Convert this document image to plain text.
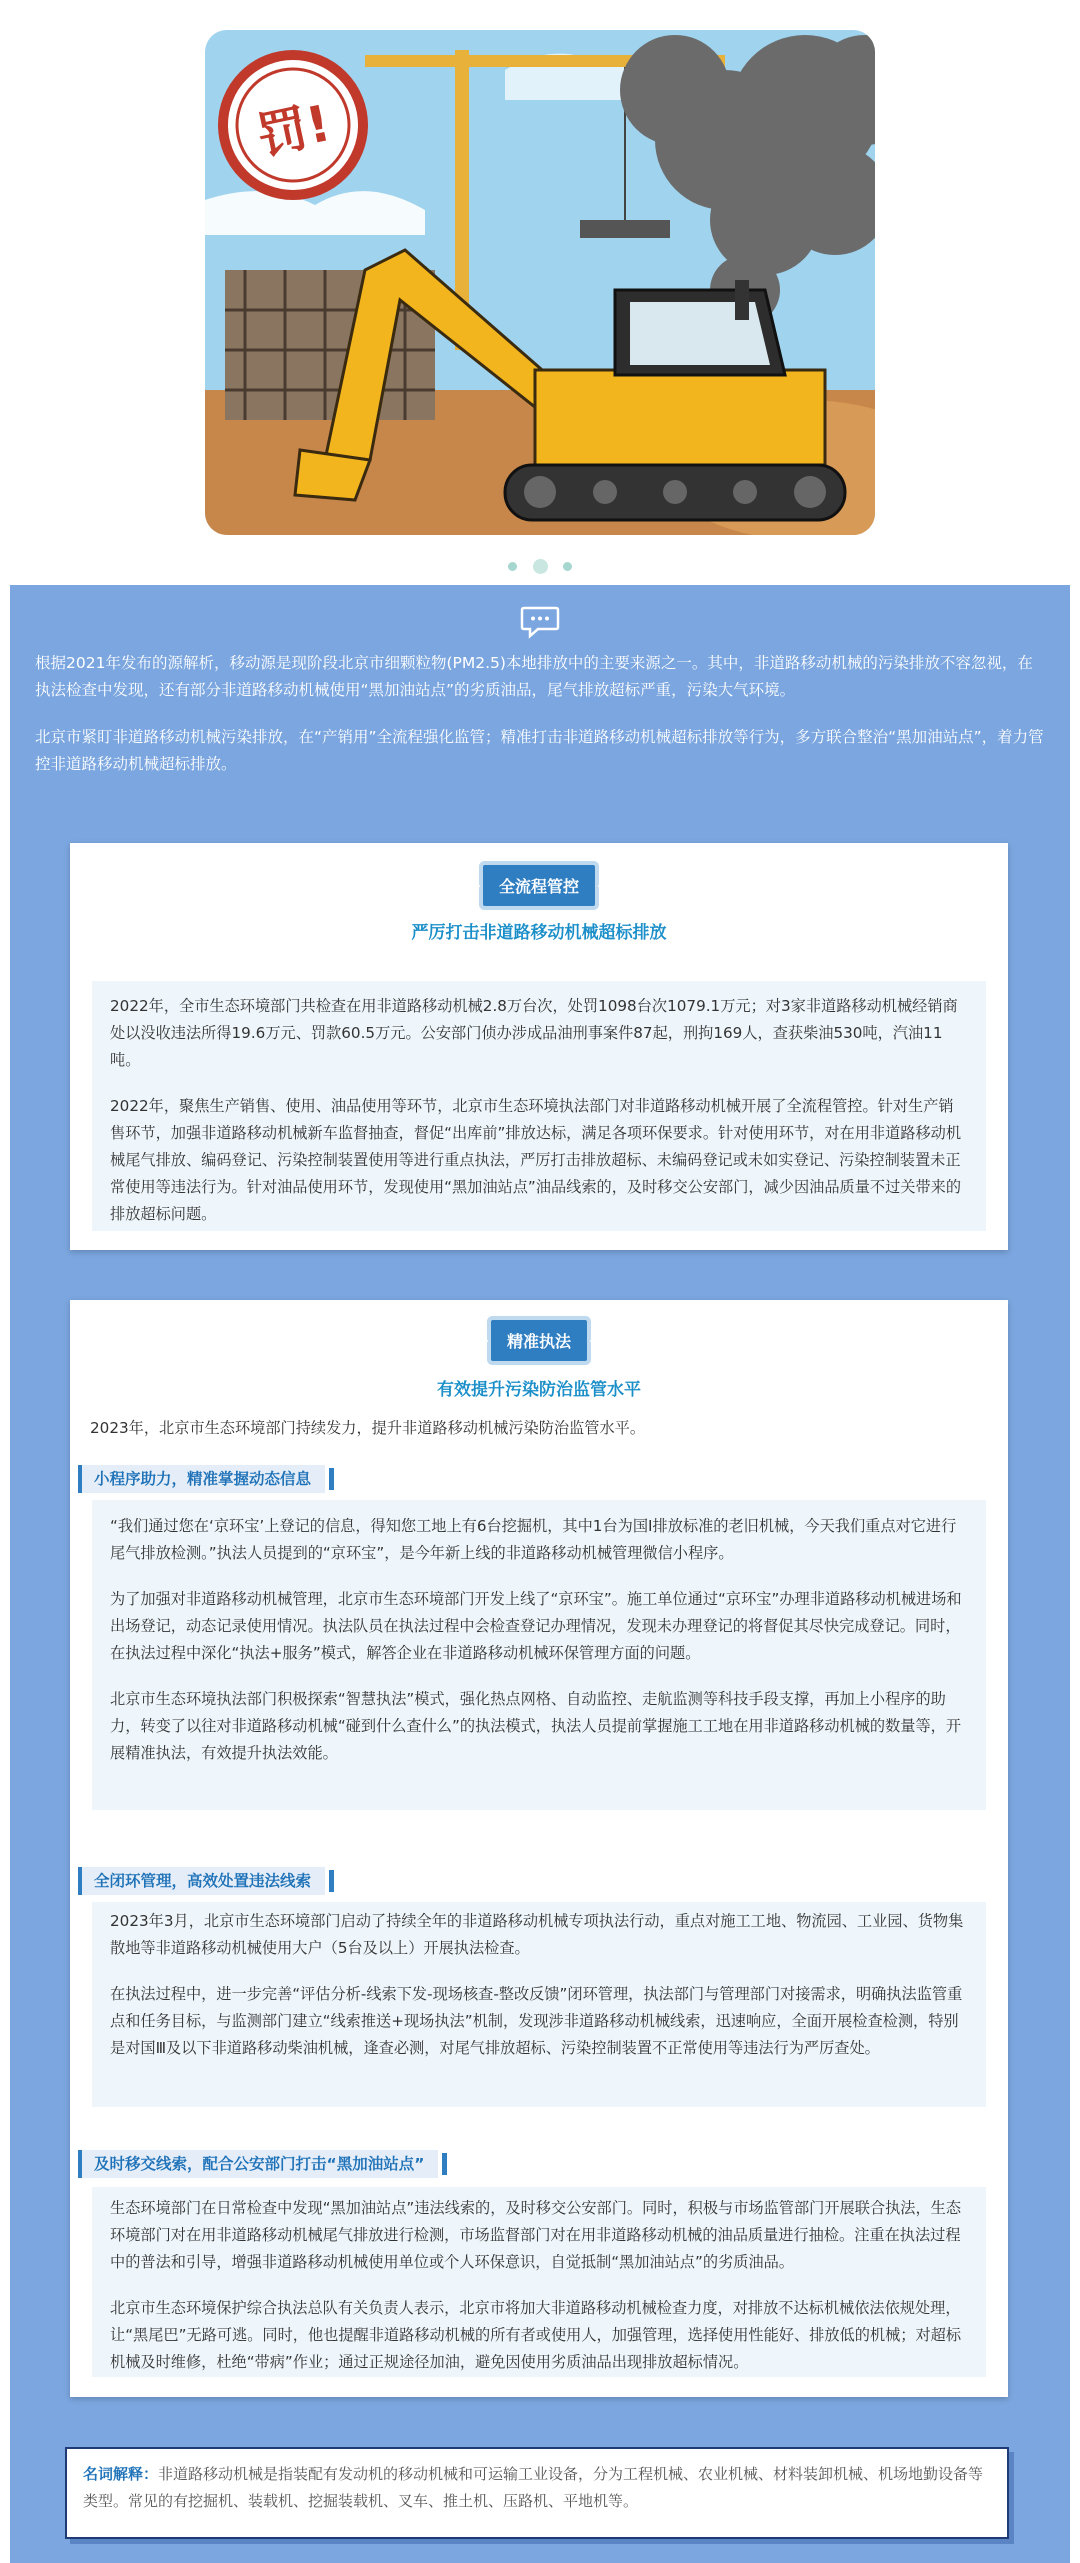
罚!

根据2021年发布的源解析，移动源是现阶段北京市细颗粒物(PM2.5)本地排放中的主要来源之一。其中，非道路移动机械的污染排放不容忽视，在执法检查中发现，还有部分非道路移动机械使用“黑加油站点”的劣质油品，尾气排放超标严重，污染大气环境。

北京市紧盯非道路移动机械污染排放，在“产销用”全流程强化监管；精准打击非道路移动机械超标排放等行为，多方联合整治“黑加油站点”，着力管控非道路移动机械超标排放。

全流程管控
严厉打击非道路移动机械超标排放

2022年，全市生态环境部门共检查在用非道路移动机械2.8万台次，处罚1098台次1079.1万元；对3家非道路移动机械经销商处以没收违法所得19.6万元、罚款60.5万元。公安部门侦办涉成品油刑事案件87起，刑拘169人，查获柴油530吨，汽油11吨。

2022年，聚焦生产销售、使用、油品使用等环节，北京市生态环境执法部门对非道路移动机械开展了全流程管控。针对生产销售环节，加强非道路移动机械新车监督抽查，督促“出库前”排放达标，满足各项环保要求。针对使用环节，对在用非道路移动机械尾气排放、编码登记、污染控制装置使用等进行重点执法，严厉打击排放超标、未编码登记或未如实登记、污染控制装置未正常使用等违法行为。针对油品使用环节，发现使用“黑加油站点”油品线索的，及时移交公安部门，减少因油品质量不过关带来的排放超标问题。

精准执法
有效提升污染防治监管水平
2023年，北京市生态环境部门持续发力，提升非道路移动机械污染防治监管水平。
小程序助力，精准掌握动态信息

“我们通过您在‘京环宝’上登记的信息，得知您工地上有6台挖掘机，其中1台为国Ⅰ排放标准的老旧机械，今天我们重点对它进行尾气排放检测。”执法人员提到的“京环宝”，是今年新上线的非道路移动机械管理微信小程序。

为了加强对非道路移动机械管理，北京市生态环境部门开发上线了“京环宝”。施工单位通过“京环宝”办理非道路移动机械进场和出场登记，动态记录使用情况。执法队员在执法过程中会检查登记办理情况，发现未办理登记的将督促其尽快完成登记。同时，在执法过程中深化“执法+服务”模式，解答企业在非道路移动机械环保管理方面的问题。

北京市生态环境执法部门积极探索“智慧执法”模式，强化热点网格、自动监控、走航监测等科技手段支撑，再加上小程序的助力，转变了以往对非道路移动机械“碰到什么查什么”的执法模式，执法人员提前掌握施工工地在用非道路移动机械的数量等，开展精准执法，有效提升执法效能。

全闭环管理，高效处置违法线索

2023年3月，北京市生态环境部门启动了持续全年的非道路移动机械专项执法行动，重点对施工工地、物流园、工业园、货物集散地等非道路移动机械使用大户（5台及以上）开展执法检查。

在执法过程中，进一步完善“评估分析-线索下发-现场核查-整改反馈”闭环管理，执法部门与管理部门对接需求，明确执法监管重点和任务目标，与监测部门建立“线索推送+现场执法”机制，发现涉非道路移动机械线索，迅速响应，全面开展检查检测，特别是对国Ⅲ及以下非道路移动柴油机械，逢查必测，对尾气排放超标、污染控制装置不正常使用等违法行为严厉查处。

及时移交线索，配合公安部门打击“黑加油站点”

生态环境部门在日常检查中发现“黑加油站点”违法线索的，及时移交公安部门。同时，积极与市场监管部门开展联合执法，生态环境部门对在用非道路移动机械尾气排放进行检测，市场监督部门对在用非道路移动机械的油品质量进行抽检。注重在执法过程中的普法和引导，增强非道路移动机械使用单位或个人环保意识，自觉抵制“黑加油站点”的劣质油品。

北京市生态环境保护综合执法总队有关负责人表示，北京市将加大非道路移动机械检查力度，对排放不达标机械依法依规处理，让“黑尾巴”无路可逃。同时，他也提醒非道路移动机械的所有者或使用人，加强管理，选择使用性能好、排放低的机械；对超标机械及时维修，杜绝“带病”作业；通过正规途径加油，避免因使用劣质油品出现排放超标情况。

名词解释：非道路移动机械是指装配有发动机的移动机械和可运输工业设备，分为工程机械、农业机械、材料装卸机械、机场地勤设备等类型。常见的有挖掘机、装载机、挖掘装载机、叉车、推土机、压路机、平地机等。
